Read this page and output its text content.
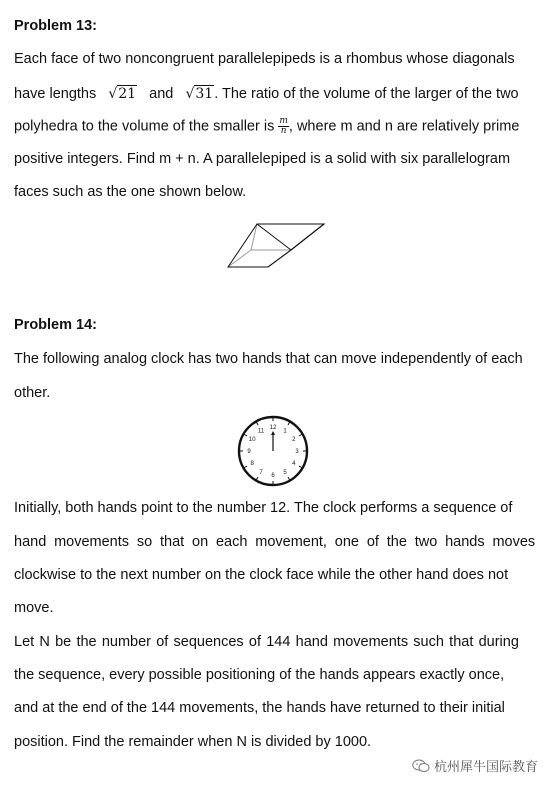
Problem 13:
Each face of two noncongruent parallelepipeds is a rhombus whose diagonals
have lengths √21 and √31. The ratio of the volume of the larger of the two
polyhedra to the volume of the smaller is $\frac{m}{n}$ , where m and n are relatively prime
positive integers. Find m + n. A parallelepiped is a solid with six parallelogram
faces such as the one shown below.
Problem 14:
The following analog clock has two hands that can move independently of each
other.
12
1
2
3
4
5
6
7
8
9
10
11
Initially, both hands point to the number 12. The clock performs a sequence of
hand movements so that on each movement, one of the two hands moves
clockwise to the next number on the clock face while the other hand does not
move.
Let N be the number of sequences of 144 hand movements such that during
the sequence, every possible positioning of the hands appears exactly once,
and at the end of the 144 movements, the hands have returned to their initial
position. Find the remainder when N is divided by 1000.
杭州犀牛国际教育
